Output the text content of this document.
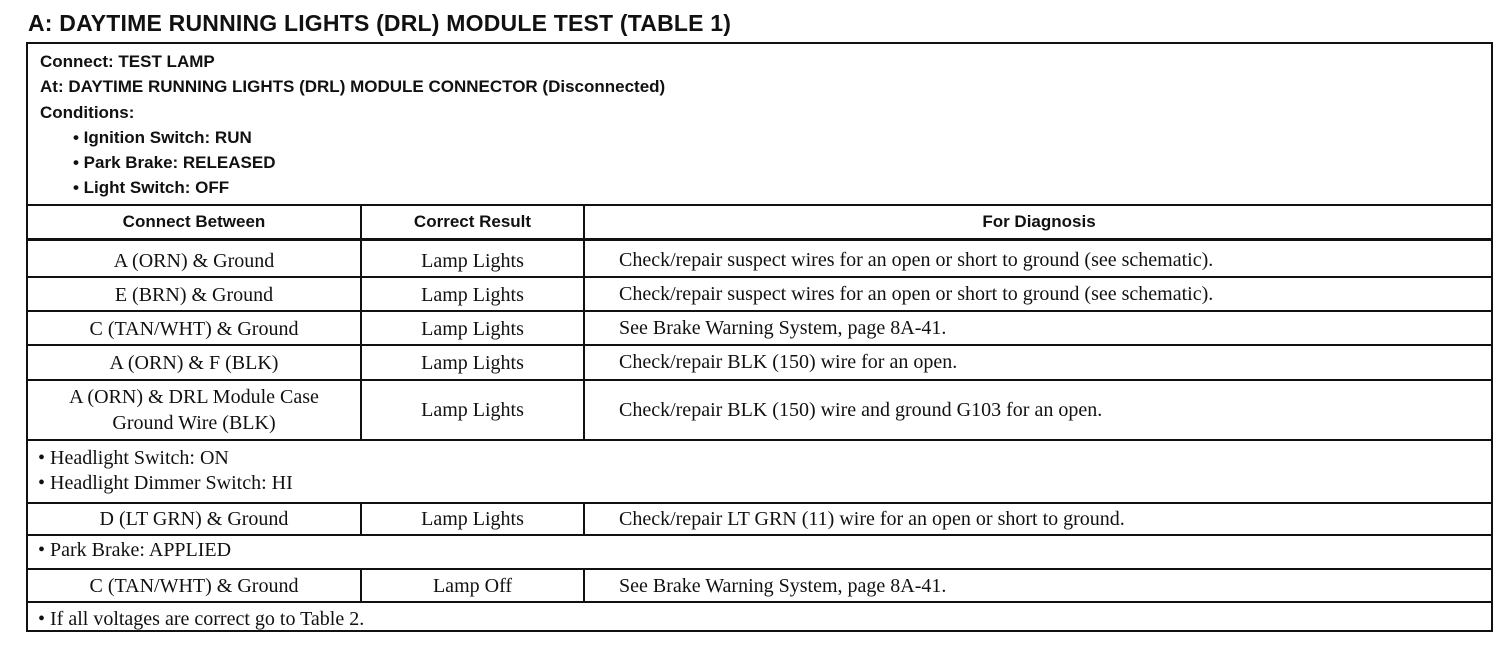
A: DAYTIME RUNNING LIGHTS (DRL) MODULE TEST (TABLE 1)
Connect: TEST LAMP
At: DAYTIME RUNNING LIGHTS (DRL) MODULE CONNECTOR (Disconnected)
Conditions:
• Ignition Switch: RUN
• Park Brake: RELEASED
• Light Switch: OFF
Connect Between	Correct Result	For Diagnosis
A (ORN) & Ground	Lamp Lights	Check/repair suspect wires for an open or short to ground (see schematic).
E (BRN) & Ground	Lamp Lights	Check/repair suspect wires for an open or short to ground (see schematic).
C (TAN/WHT) & Ground	Lamp Lights	See Brake Warning System, page 8A-41.
A (ORN) & F (BLK)	Lamp Lights	Check/repair BLK (150) wire for an open.
A (ORN) & DRL Module Case
Ground Wire (BLK)
Lamp Lights	Check/repair BLK (150) wire and ground G103 for an open.
• Headlight Switch: ON
• Headlight Dimmer Switch: HI
D (LT GRN) & Ground	Lamp Lights	Check/repair LT GRN (11) wire for an open or short to ground.
• Park Brake: APPLIED
C (TAN/WHT) & Ground	Lamp Off	See Brake Warning System, page 8A-41.
• If all voltages are correct go to Table 2.
